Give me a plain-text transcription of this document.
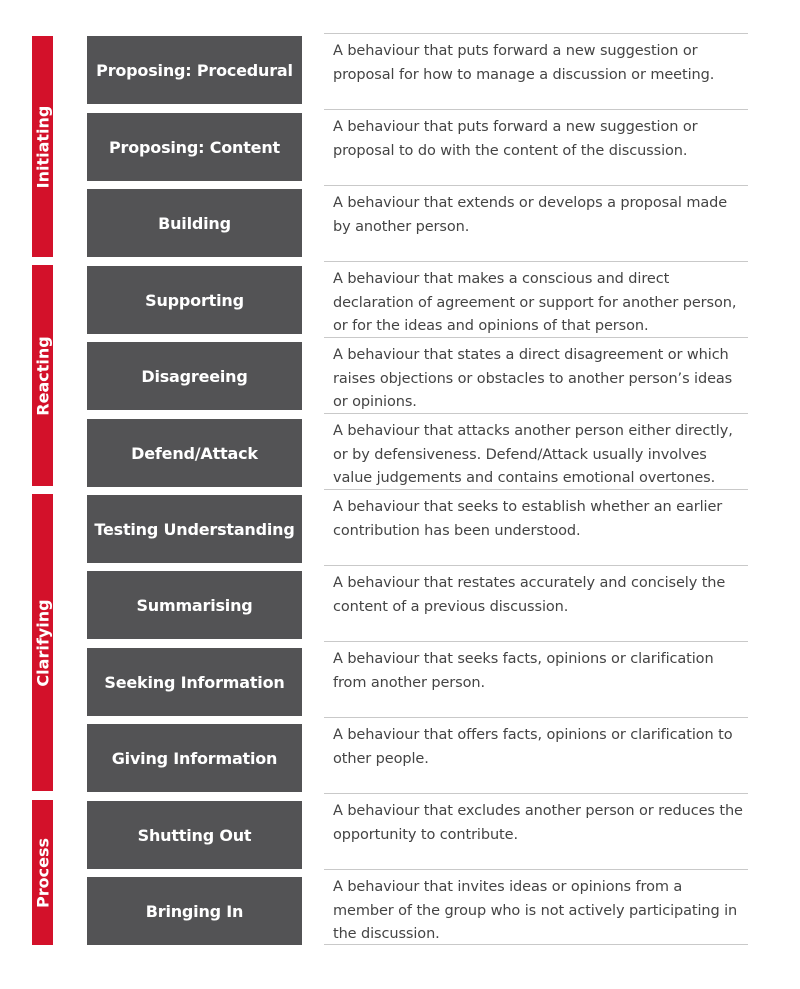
Initiating
Reacting
Clarifying
Process
Proposing: Procedural
Proposing: Content
Building
Supporting
Disagreeing
Defend/Attack
Testing Understanding
Summarising
Seeking Information
Giving Information
Shutting Out
Bringing In
A behaviour that puts forward a new suggestion or proposal for how to manage a discussion or meeting.
A behaviour that puts forward a new suggestion or proposal to do with the content of the discussion.
A behaviour that extends or develops a proposal made by another person.
A behaviour that makes a conscious and direct declaration of agreement or support for another person, or for the ideas and opinions of that person.
A behaviour that states a direct disagreement or which raises objections or obstacles to another person’s ideas or opinions.
A behaviour that attacks another person either directly, or by defensiveness. Defend/Attack usually involves value judgements and contains emotional overtones.
A behaviour that seeks to establish whether an earlier contribution has been understood.
A behaviour that restates accurately and concisely the content of a previous discussion.
A behaviour that seeks facts, opinions or clarification from another person.
A behaviour that offers facts, opinions or clarification to other people.
A behaviour that excludes another person or reduces the opportunity to contribute.
A behaviour that invites ideas or opinions from a member of the group who is not actively participating in the discussion.
